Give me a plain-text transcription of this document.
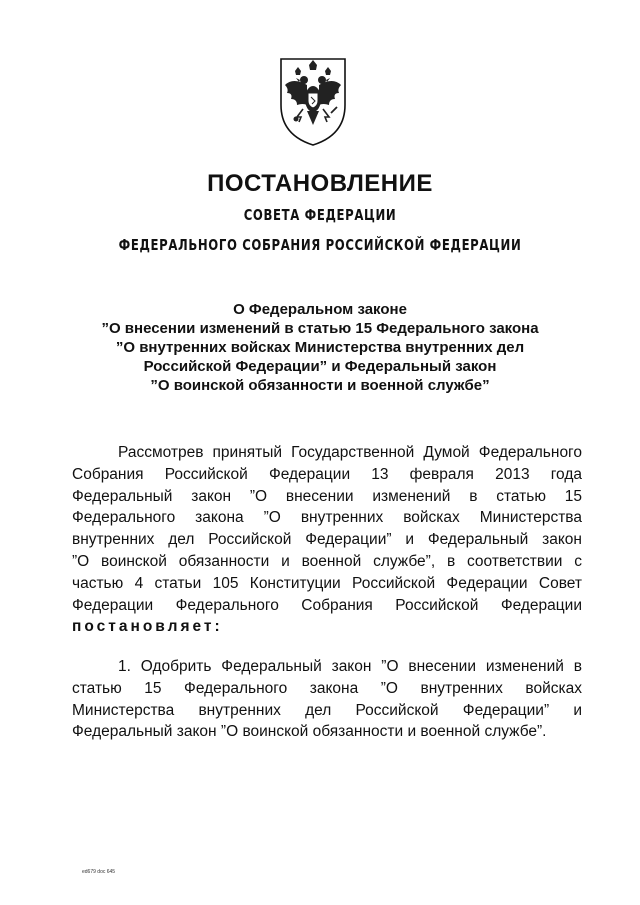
ПОСТАНОВЛЕНИЕ
СОВЕТА ФЕДЕРАЦИИ
ФЕДЕРАЛЬНОГО СОБРАНИЯ РОССИЙСКОЙ ФЕДЕРАЦИИ
О Федеральном законе
”О внесении изменений в статью 15 Федерального закона
”О внутренних войсках Министерства внутренних дел
Российской Федерации” и Федеральный закон
”О воинской обязанности и военной службе”
Рассмотрев принятый Государственной Думой Федерального
Собрания Российской Федерации 13 февраля 2013 года
Федеральный закон ”О внесении изменений в статью 15
Федерального закона ”О внутренних войсках Министерства
внутренних дел Российской Федерации” и Федеральный закон
”О воинской обязанности и военной службе”, в соответствии с
частью 4 статьи 105 Конституции Российской Федерации Совет
Федерации Федерального Собрания Российской Федерации
постановляет:
1. Одобрить Федеральный закон ”О внесении изменений в
статью 15 Федерального закона ”О внутренних войсках
Министерства внутренних дел Российской Федерации” и
Федеральный закон ”О воинской обязанности и военной службе”.
ed679 doc 645
